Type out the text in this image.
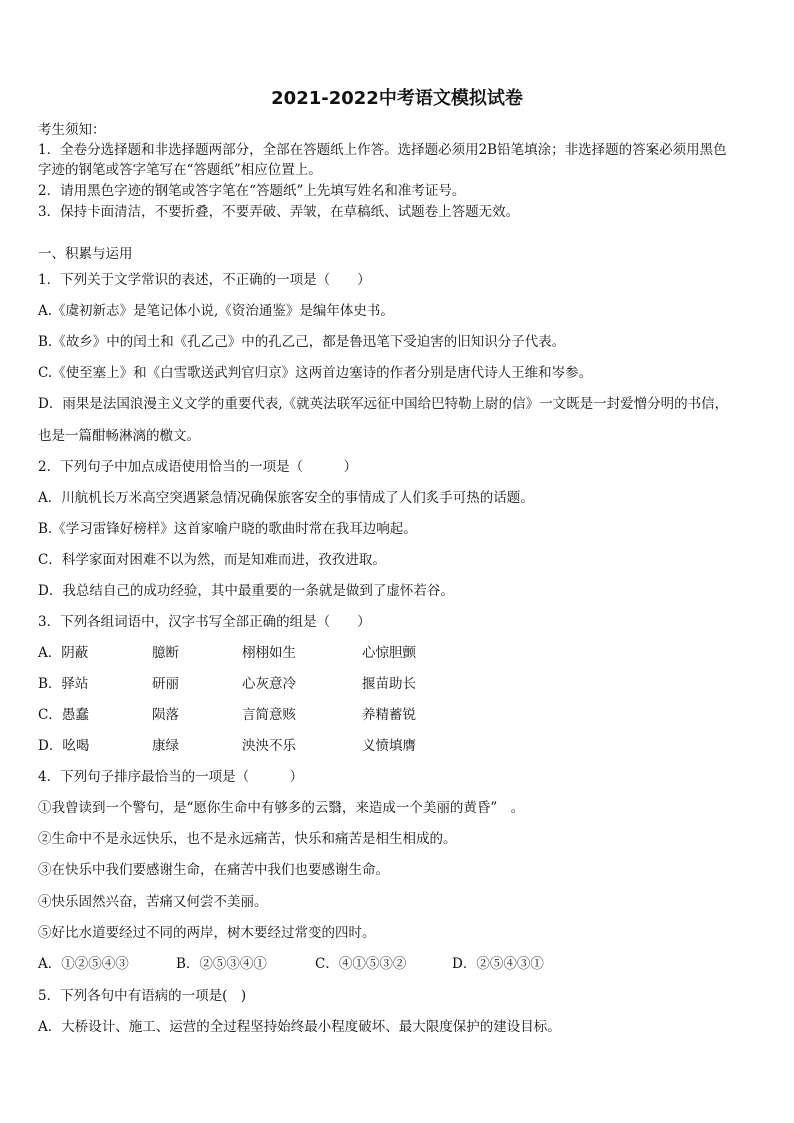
2021-2022中考语文模拟试卷
考生须知：
1．全卷分选择题和非选择题两部分，全部在答题纸上作答。选择题必须用2B铅笔填涂；非选择题的答案必须用黑色
字迹的钢笔或答字笔写在“答题纸”相应位置上。
2．请用黑色字迹的钢笔或答字笔在“答题纸”上先填写姓名和准考证号。
3．保持卡面清洁，不要折叠，不要弄破、弄皱，在草稿纸、试题卷上答题无效。
一、积累与运用
1．下列关于文学常识的表述，不正确的一项是（　　）
A.《虞初新志》是笔记体小说,《资治通鉴》是编年体史书。
B.《故乡》中的闰土和《孔乙己》中的孔乙己，都是鲁迅笔下受迫害的旧知识分子代表。
C.《使至塞上》和《白雪歌送武判官归京》这两首边塞诗的作者分别是唐代诗人王维和岑参。
D．雨果是法国浪漫主义文学的重要代表,《就英法联军远征中国给巴特勒上尉的信》一文既是一封爱憎分明的书信，
也是一篇酣畅淋漓的檄文。
2．下列句子中加点成语使用恰当的一项是（　　　）
A．川航机长万米高空突遇紧急情况确保旅客安全的事情成了人们炙手可热的话题。
B.《学习雷锋好榜样》这首家喻户晓的歌曲时常在我耳边响起。
C．科学家面对困难不以为然，而是知难而进，孜孜进取。
D．我总结自己的成功经验，其中最重要的一条就是做到了虚怀若谷。
3．下列各组词语中，汉字书写全部正确的组是（　　）
A．阴蔽	臆断	栩栩如生	心惊胆颤
B．驿站	研丽	心灰意冷	揠苗助长
C．愚蠢	陨落	言简意赅	养精蓄锐
D．吆喝	康绿	泱泱不乐	义愤填膺
4．下列句子排序最恰当的一项是（　　　）
①我曾读到一个警句，是“愿你生命中有够多的云翳，来造成一个美丽的黄昏”　。
②生命中不是永远快乐，也不是永远痛苦，快乐和痛苦是相生相成的。
③在快乐中我们要感谢生命，在痛苦中我们也要感谢生命。
④快乐固然兴奋，苦痛又何尝不美丽。
⑤好比水道要经过不同的两岸，树木要经过常变的四时。
A．①②⑤④③	B．②⑤③④①	C．④①⑤③②	D．②⑤④③①
5．下列各句中有语病的一项是(　)
A．大桥设计、施工、运营的全过程坚持始终最小程度破坏、最大限度保护的建设目标。
